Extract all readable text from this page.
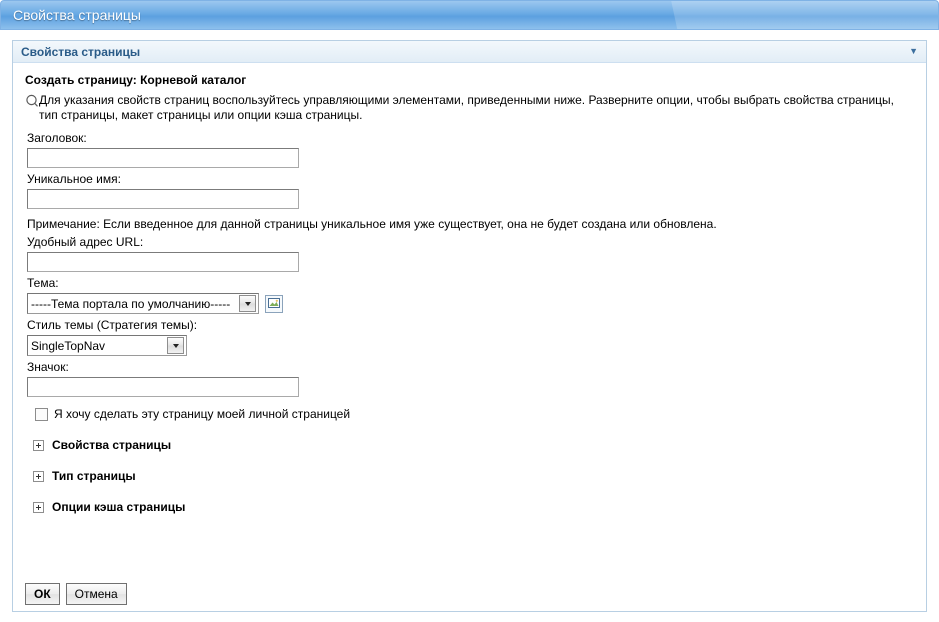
Свойства страницы
Свойства страницы	▼
Создать страницу: Корневой каталог
Для указания свойств страниц воспользуйтесь управляющими элементами, приведенными ниже. Разверните опции, чтобы выбрать свойства страницы, тип страницы, макет страницы или опции кэша страницы.
Заголовок:
Уникальное имя:
Примечание: Если введенное для данной страницы уникальное имя уже существует, она не будет создана или обновлена.
Удобный адрес URL:
Тема:
-----Тема портала по умолчанию-----
Стиль темы (Стратегия темы):
SingleTopNav
Значок:
Я хочу сделать эту страницу моей личной страницей
Свойства страницы
Тип страницы
Опции кэша страницы
ОК	Отмена
